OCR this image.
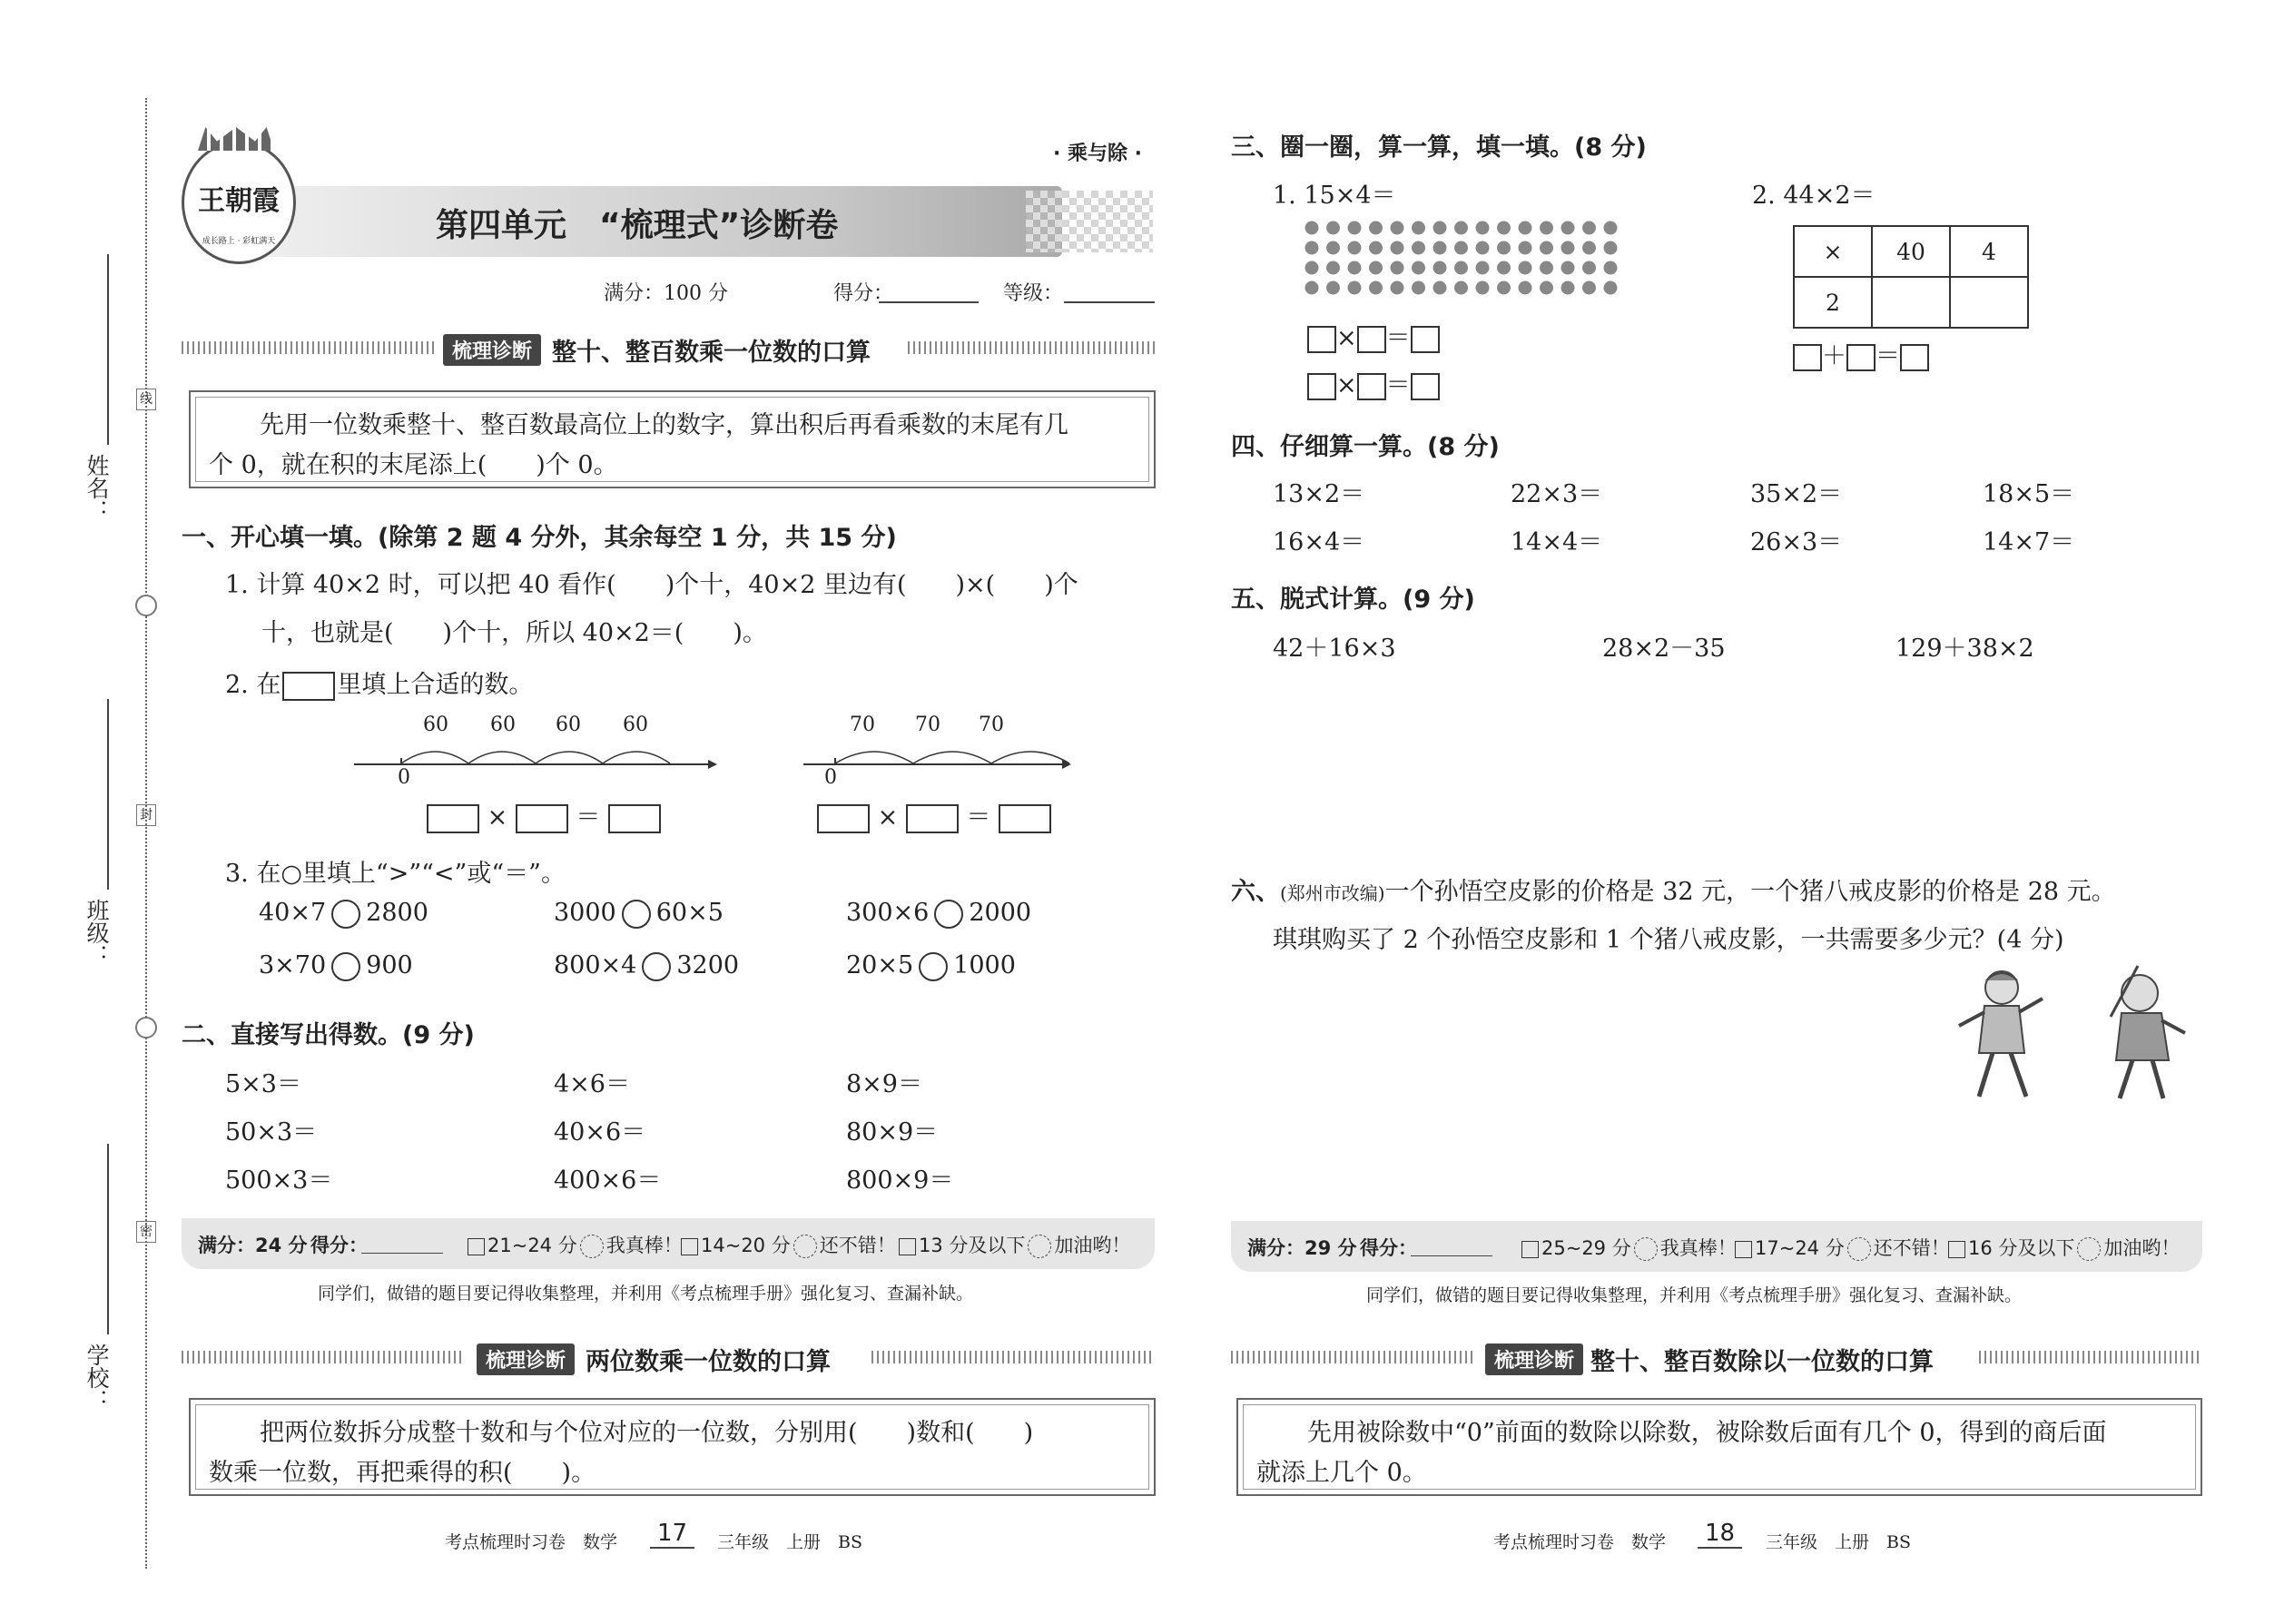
学校：
班级：
姓名：
线
封
密
王朝霞
成长路上 · 彩虹满天
· 乘与除 ·
第四单元　“梳理式”诊断卷
满分：100 分	得分：	等级：
梳理诊断 整十、整百数乘一位数的口算
先用一位数乘整十、整百数最高位上的数字，算出积后再看乘数的末尾有几
个 0，就在积的末尾添上(　　)个 0。
一、开心填一填。(除第 2 题 4 分外，其余每空 1 分，共 15 分)
1. 计算 40×2 时，可以把 40 看作(　　)个十，40×2 里边有(　　)×(　　)个
十，也就是(　　)个十，所以 40×2＝(　　)。
2. 在 里填上合适的数。
60 60 60 60
0
×	＝
70 70 70
0
×	＝
3. 在○里填上“>”“<”或“＝”。
40×7 2800	3000 60×5	300×6 2000
3×70 900	800×4 3200	20×5 1000
二、直接写出得数。(9 分)
5×3＝	4×6＝	8×9＝
50×3＝	40×6＝	80×9＝
500×3＝	400×6＝	800×9＝
满分：24 分 得分：	21~24 分 我真棒！ 14~20 分 还不错！	13 分及以下 加油哟！
同学们，做错的题目要记得收集整理，并利用《考点梳理手册》强化复习、查漏补缺。
梳理诊断 两位数乘一位数的口算
把两位数拆分成整十数和与个位对应的一位数，分别用(　　)数和(　　)
数乘一位数，再把乘得的积(　　)。
考点梳理时习卷　数学	17	三年级　上册　BS
三、圈一圈，算一算，填一填。(8 分)
1. 15×4＝	2. 44×2＝
× ＝
× ＝
×	40	4
2		
＋ ＝
四、仔细算一算。(8 分)
13×2＝	22×3＝	35×2＝	18×5＝
16×4＝	14×4＝	26×3＝	14×7＝
五、脱式计算。(9 分)
42＋16×3	28×2－35	129＋38×2
六、(郑州市改编)一个孙悟空皮影的价格是 32 元，一个猪八戒皮影的价格是 28 元。
琪琪购买了 2 个孙悟空皮影和 1 个猪八戒皮影，一共需要多少元？(4 分)
满分：29 分 得分：	25~29 分 我真棒！ 17~24 分 还不错！ 16 分及以下 加油哟！
同学们，做错的题目要记得收集整理，并利用《考点梳理手册》强化复习、查漏补缺。
梳理诊断 整十、整百数除以一位数的口算
先用被除数中“0”前面的数除以除数，被除数后面有几个 0，得到的商后面
就添上几个 0。
考点梳理时习卷　数学	18	三年级　上册　BS
